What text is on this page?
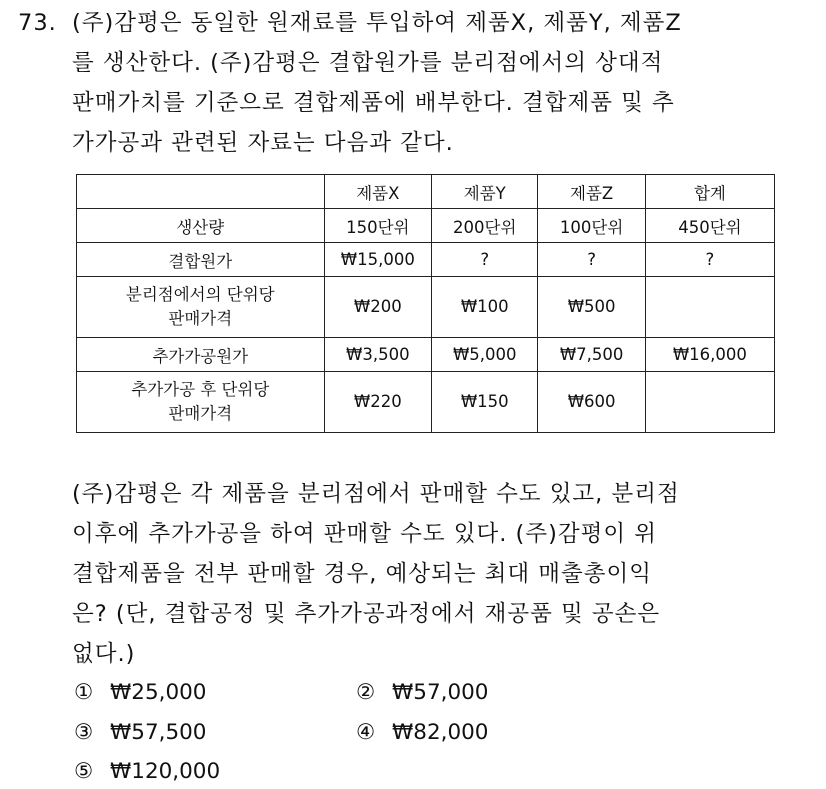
73. (주)감평은 동일한 원재료를 투입하여 제품X, 제품Y, 제품Z
를 생산한다. (주)감평은 결합원가를 분리점에서의 상대적
판매가치를 기준으로 결합제품에 배부한다. 결합제품 및 추
가가공과 관련된 자료는 다음과 같다.
	제품X	제품Y	제품Z	합계
생산량	150단위	200단위	100단위	450단위
결합원가	₩15,000	?	?	?
분리점에서의 단위당
판매가격	₩200	₩100	₩500	
추가가공원가	₩3,500	₩5,000	₩7,500	₩16,000
추가가공 후 단위당
판매가격	₩220	₩150	₩600	
(주)감평은 각 제품을 분리점에서 판매할 수도 있고, 분리점
이후에 추가가공을 하여 판매할 수도 있다. (주)감평이 위
결합제품을 전부 판매할 경우, 예상되는 최대 매출총이익
은? (단, 결합공정 및 추가가공과정에서 재공품 및 공손은
없다.)
① ₩25,000	② ₩57,000
③ ₩57,500	④ ₩82,000
⑤ ₩120,000
